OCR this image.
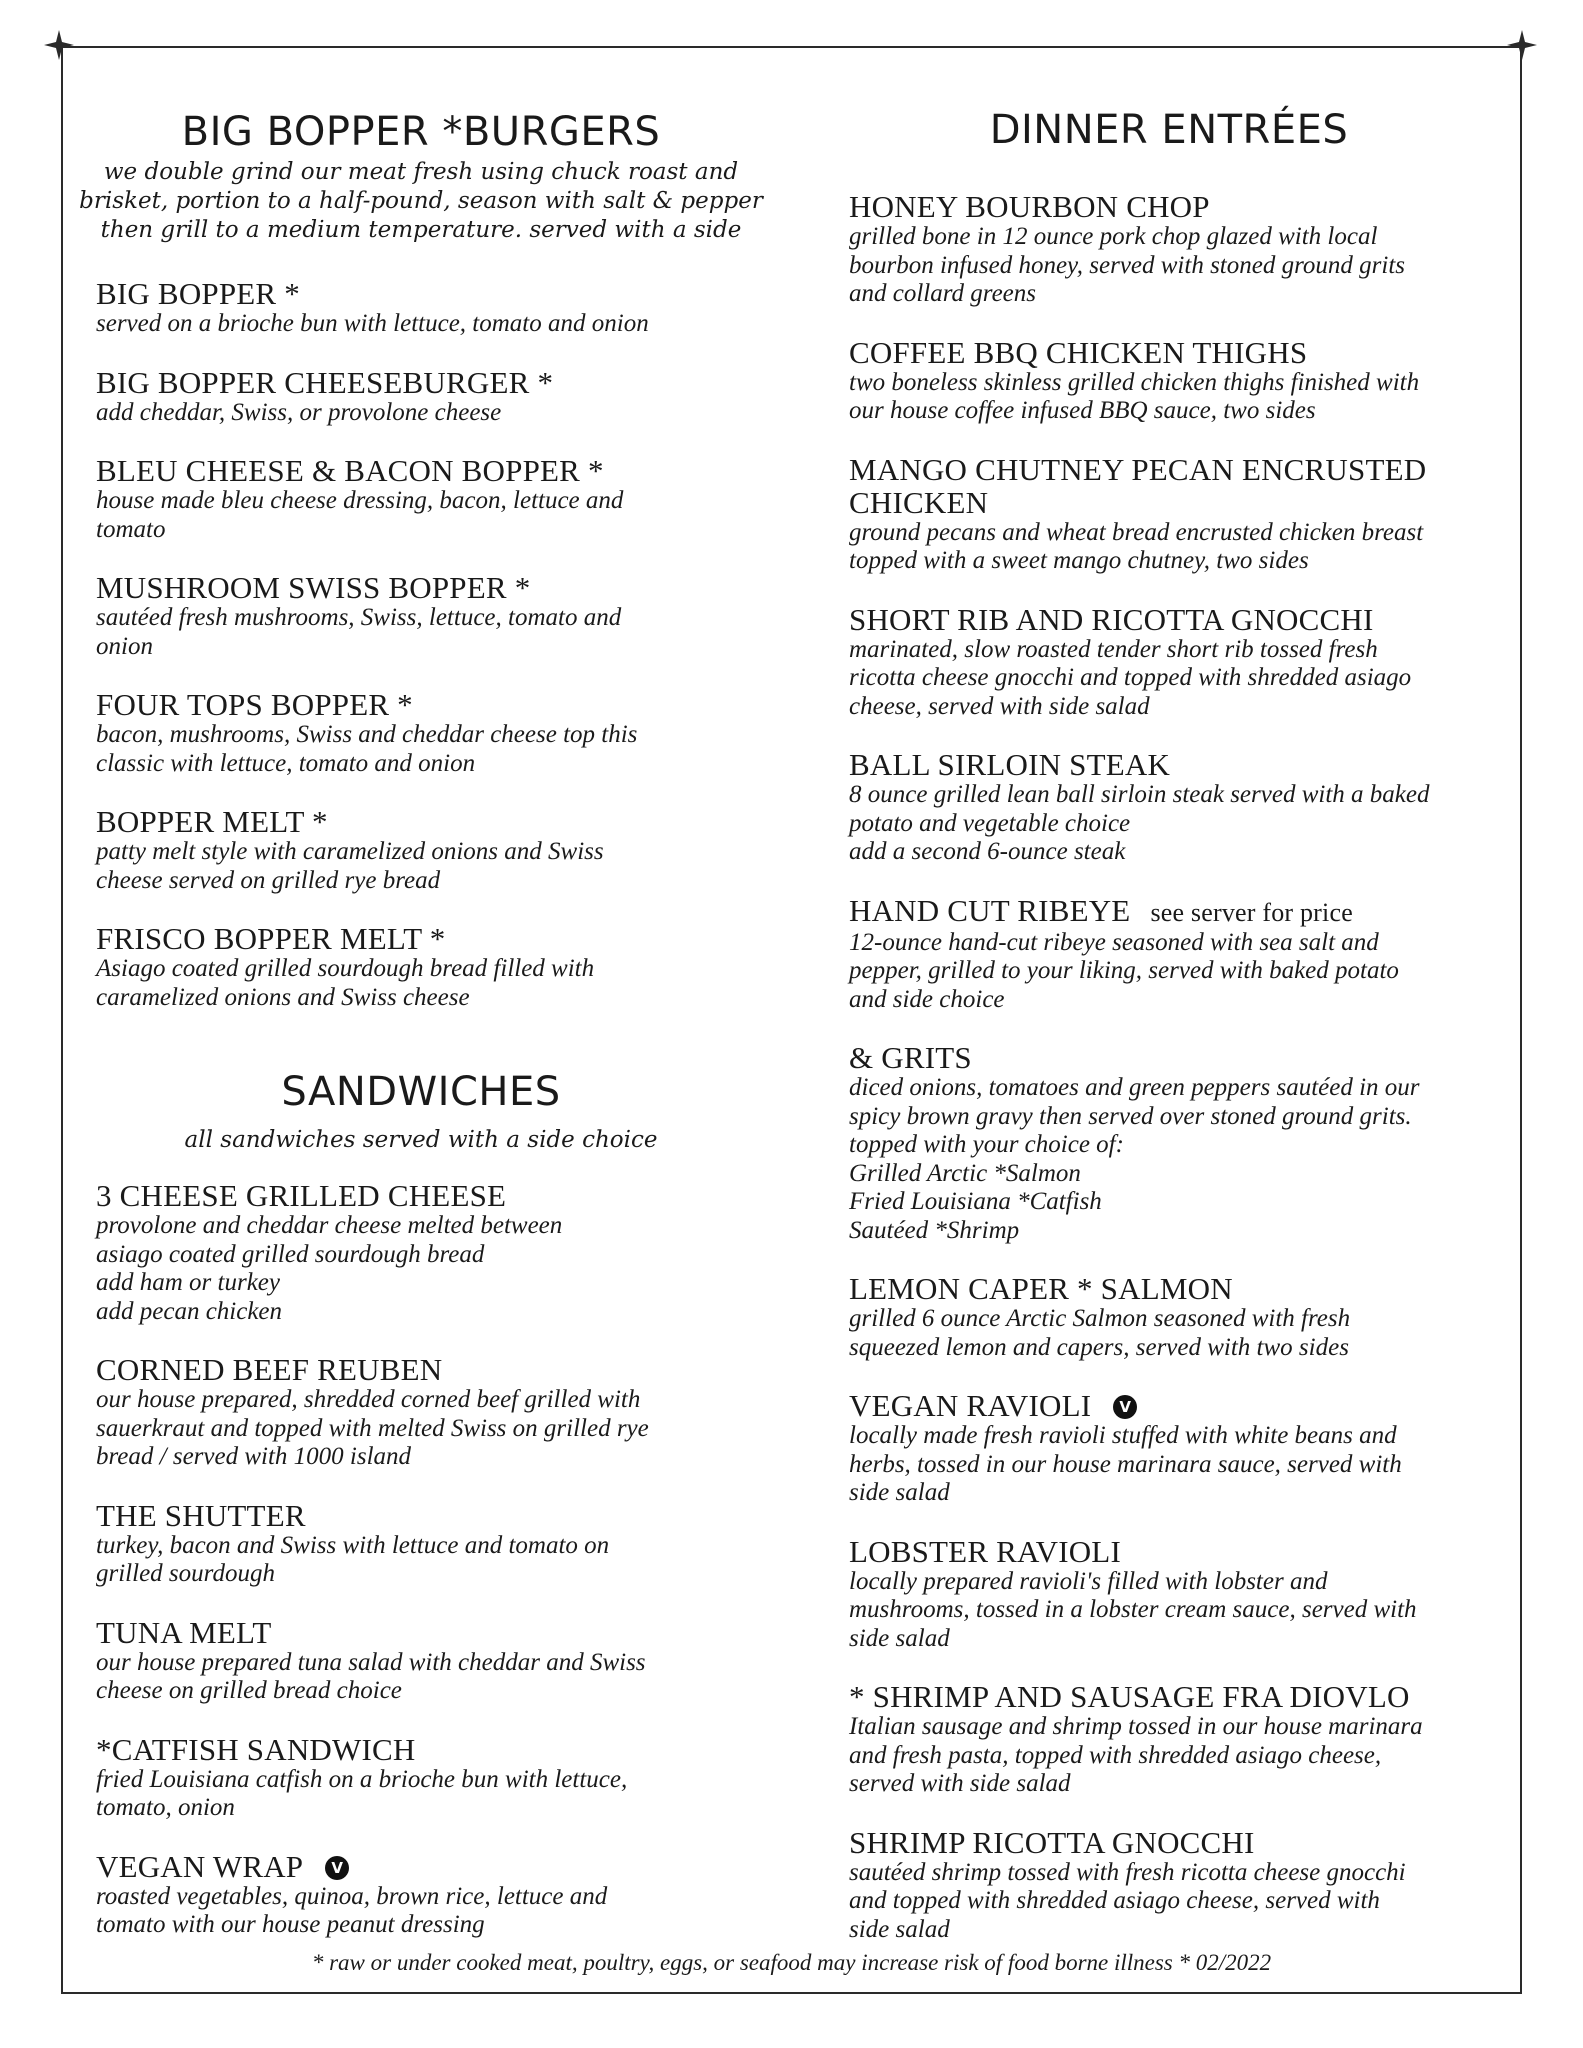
BIG BOPPER *BURGERS

we double grind our meat fresh using chuck roast and brisket, portion to a half-pound, season with salt & pepper then grill to a medium temperature. served with a side

BIG BOPPER *
served on a brioche bun with lettuce, tomato and onion
BIG BOPPER CHEESEBURGER *
add cheddar, Swiss, or provolone cheese
BLEU CHEESE & BACON BOPPER *
house made bleu cheese dressing, bacon, lettuce and
tomato
MUSHROOM SWISS BOPPER *
sautéed fresh mushrooms, Swiss, lettuce, tomato and
onion
FOUR TOPS BOPPER *
bacon, mushrooms, Swiss and cheddar cheese top this
classic with lettuce, tomato and onion
BOPPER MELT *
patty melt style with caramelized onions and Swiss
cheese served on grilled rye bread
FRISCO BOPPER MELT *
Asiago coated grilled sourdough bread filled with
caramelized onions and Swiss cheese
SANDWICHES

all sandwiches served with a side choice

3 CHEESE GRILLED CHEESE
provolone and cheddar cheese melted between
asiago coated grilled sourdough bread
add ham or turkey
add pecan chicken
CORNED BEEF REUBEN
our house prepared, shredded corned beef grilled with
sauerkraut and topped with melted Swiss on grilled rye
bread / served with 1000 island
THE SHUTTER
turkey, bacon and Swiss with lettuce and tomato on
grilled sourdough
TUNA MELT
our house prepared tuna salad with cheddar and Swiss
cheese on grilled bread choice
*CATFISH SANDWICH
fried Louisiana catfish on a brioche bun with lettuce,
tomato, onion
VEGAN WRAP V
roasted vegetables, quinoa, brown rice, lettuce and
tomato with our house peanut dressing
DINNER ENTRÉES
HONEY BOURBON CHOP
grilled bone in 12 ounce pork chop glazed with local
bourbon infused honey, served with stoned ground grits
and collard greens
COFFEE BBQ CHICKEN THIGHS
two boneless skinless grilled chicken thighs finished with
our house coffee infused BBQ sauce, two sides
MANGO CHUTNEY PECAN ENCRUSTED
CHICKEN
ground pecans and wheat bread encrusted chicken breast
topped with a sweet mango chutney, two sides
SHORT RIB AND RICOTTA GNOCCHI
marinated, slow roasted tender short rib tossed fresh
ricotta cheese gnocchi and topped with shredded asiago
cheese, served with side salad
BALL SIRLOIN STEAK
8 ounce grilled lean ball sirloin steak served with a baked
potato and vegetable choice
add a second 6-ounce steak
HAND CUT RIBEYE see server for price
12-ounce hand-cut ribeye seasoned with sea salt and
pepper, grilled to your liking, served with baked potato
and side choice
& GRITS
diced onions, tomatoes and green peppers sautéed in our
spicy brown gravy then served over stoned ground grits.
topped with your choice of:
Grilled Arctic *Salmon
Fried Louisiana *Catfish
Sautéed *Shrimp
LEMON CAPER * SALMON
grilled 6 ounce Arctic Salmon seasoned with fresh
squeezed lemon and capers, served with two sides
VEGAN RAVIOLI V
locally made fresh ravioli stuffed with white beans and
herbs, tossed in our house marinara sauce, served with
side salad
LOBSTER RAVIOLI
locally prepared ravioli's filled with lobster and
mushrooms, tossed in a lobster cream sauce, served with
side salad
* SHRIMP AND SAUSAGE FRA DIOVLO
Italian sausage and shrimp tossed in our house marinara
and fresh pasta, topped with shredded asiago cheese,
served with side salad
SHRIMP RICOTTA GNOCCHI
sautéed shrimp tossed with fresh ricotta cheese gnocchi
and topped with shredded asiago cheese, served with
side salad
* raw or under cooked meat, poultry, eggs, or seafood may increase risk of food borne illness * 02/2022
